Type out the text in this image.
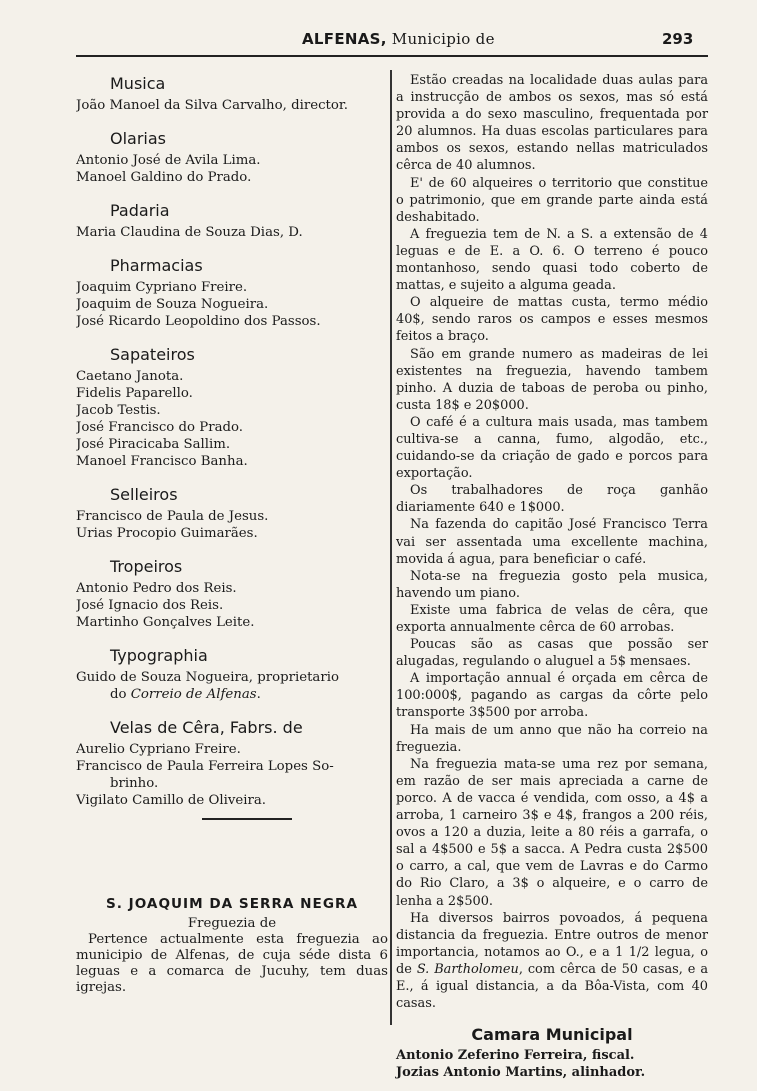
ALFENAS, Municipio de	293
Musica
João Manoel da Silva Carvalho, director.
Olarias
Antonio José de Avila Lima.
Manoel Galdino do Prado.
Padaria
Maria Claudina de Souza Dias, D.
Pharmacias
Joaquim Cypriano Freire.
Joaquim de Souza Nogueira.
José Ricardo Leopoldino dos Passos.
Sapateiros
Caetano Janota.
Fidelis Paparello.
Jacob Testis.
José Francisco do Prado.
José Piracicaba Sallim.
Manoel Francisco Banha.
Selleiros
Francisco de Paula de Jesus.
Urias Procopio Guimarães.
Tropeiros
Antonio Pedro dos Reis.
José Ignacio dos Reis.
Martinho Gonçalves Leite.
Typographia
Guido de Souza Nogueira, proprietario
do Correio de Alfenas.
Velas de Cêra, Fabrs. de
Aurelio Cypriano Freire.
Francisco de Paula Ferreira Lopes So-
brinho.
Vigilato Camillo de Oliveira.
S. JOAQUIM DA SERRA NEGRA
Freguezia de
Pertence actualmente esta freguezia ao municipio de Alfenas, de cuja séde dista 6 leguas e a comarca de Jucuhy, tem duas igrejas.
Estão creadas na localidade duas aulas para a instrucção de ambos os sexos, mas só está provida a do sexo masculino, frequentada por 20 alumnos. Ha duas escolas particulares para ambos os sexos, estando nellas matriculados cêrca de 40 alumnos.
E' de 60 alqueires o territorio que constitue o patrimonio, que em grande parte ainda está deshabitado.
A freguezia tem de N. a S. a extensão de 4 leguas e de E. a O. 6. O terreno é pouco montanhoso, sendo quasi todo coberto de mattas, e sujeito a alguma geada.
O alqueire de mattas custa, termo médio 40$, sendo raros os campos e esses mesmos feitos a braço.
São em grande numero as madeiras de lei existentes na freguezia, havendo tambem pinho. A duzia de taboas de peroba ou pinho, custa 18$ e 20$000.
O café é a cultura mais usada, mas tambem cultiva-se a canna, fumo, algodão, etc., cuidando-se da criação de gado e porcos para exportação.
Os trabalhadores de roça ganhão diariamente 640 e 1$000.
Na fazenda do capitão José Francisco Terra vai ser assentada uma excellente machina, movida á agua, para beneficiar o café.
Nota-se na freguezia gosto pela musica, havendo um piano.
Existe uma fabrica de velas de cêra, que exporta annualmente cêrca de 60 arrobas.
Poucas são as casas que possão ser alugadas, regulando o aluguel a 5$ mensaes.
A importação annual é orçada em cêrca de 100:000$, pagando as cargas da côrte pelo transporte 3$500 por arroba.
Ha mais de um anno que não ha correio na freguezia.
Na freguezia mata-se uma rez por semana, em razão de ser mais apreciada a carne de porco. A de vacca é vendida, com osso, a 4$ a arroba, 1 carneiro 3$ e 4$, frangos a 200 réis, ovos a 120 a duzia, leite a 80 réis a garrafa, o sal a 4$500 e 5$ a sacca. A Pedra custa 2$500 o carro, a cal, que vem de Lavras e do Carmo do Rio Claro, a 3$ o alqueire, e o carro de lenha a 2$500.
Ha diversos bairros povoados, á pequena distancia da freguezia. Entre outros de menor importancia, notamos ao O., e a 1 1/2 legua, o de S. Bartholomeu, com cêrca de 50 casas, e a E., á igual distancia, a da Bôa-Vista, com 40 casas.
Camara Municipal
Antonio Zeferino Ferreira, fiscal.
Jozias Antonio Martins, alinhador.
